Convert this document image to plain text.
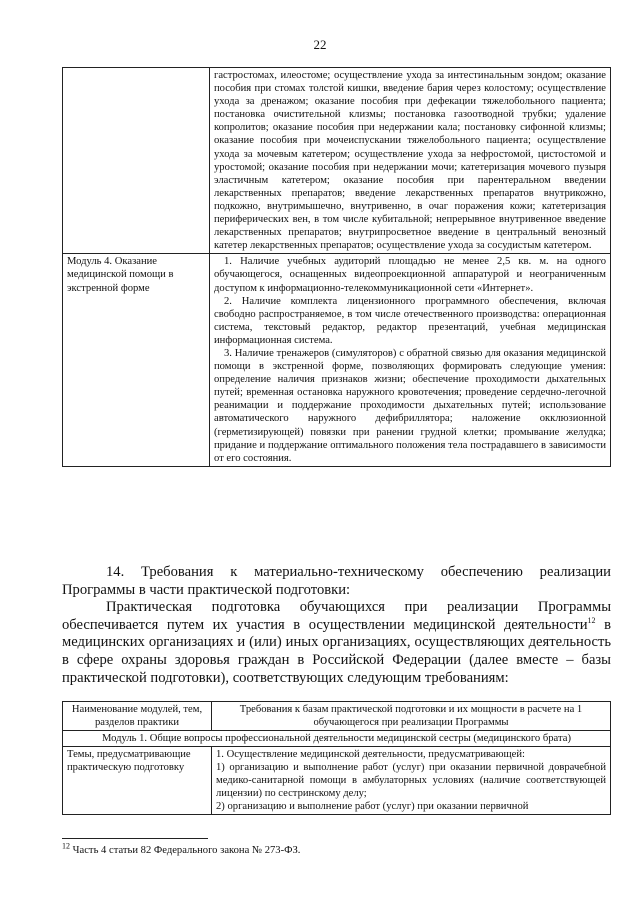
22
	гастростомах, илеостоме; осуществление ухода за интестинальным зондом; оказание пособия при стомах толстой кишки, введение бария через колостому; осуществление ухода за дренажом; оказание пособия при дефекации тяжелобольного пациента; постановка очистительной клизмы; постановка газоотводной трубки; удаление копролитов; оказание пособия при недержании кала; постановку сифонной клизмы; оказание пособия при мочеиспускании тяжелобольного пациента; осуществление ухода за мочевым катетером; осуществление ухода за нефростомой, цистостомой и уростомой; оказание пособия при недержании мочи; катетеризация мочевого пузыря эластичным катетером; оказание пособия при парентеральном введении лекарственных препаратов; введение лекарственных препаратов внутрикожно, подкожно, внутримышечно, внутривенно, в очаг поражения кожи; катетеризация периферических вен, в том числе кубитальной; непрерывное внутривенное введение лекарственных препаратов; внутрипросветное введение в центральный венозный катетер лекарственных препаратов; осуществление ухода за сосудистым катетером.
Модуль 4. Оказание медицинской помощи в экстренной форме	1. Наличие учебных аудиторий площадью не менее 2,5 кв. м. на одного обучающегося, оснащенных видеопроекционной аппаратурой и неограниченным доступом к информационно-телекоммуникационной сети «Интернет».

2. Наличие комплекта лицензионного программного обеспечения, включая свободно распространяемое, в том числе отечественного производства: операционная система, текстовый редактор, редактор презентаций, учебная медицинская информационная система.

3. Наличие тренажеров (симуляторов) с обратной связью для оказания медицинской помощи в экстренной форме, позволяющих формировать следующие умения: определение наличия признаков жизни; обеспечение проходимости дыхательных путей; временная остановка наружного кровотечения; проведение сердечно-легочной реанимации и поддержание проходимости дыхательных путей; использование автоматического наружного дефибриллятора; наложение окклюзионной (герметизирующей) повязки при ранении грудной клетки; промывание желудка; придание и поддержание оптимального положения тела пострадавшего в зависимости от его состояния.

14. Требования к материально-техническому обеспечению реализации Программы в части практической подготовки:

Практическая подготовка обучающихся при реализации Программы обеспечивается путем их участия в осуществлении медицинской деятельности$^{12}$ в медицинских организациях и (или) иных организациях, осуществляющих деятельность в сфере охраны здоровья граждан в Российской Федерации (далее вместе – базы практической подготовки), соответствующих следующим требованиям:

Наименование модулей, тем, разделов практики	Требования к базам практической подготовки и их мощности в расчете на 1 обучающегося при реализации Программы
Модуль 1. Общие вопросы профессиональной деятельности медицинской сестры (медицинского брата)	
Темы, предусматривающие практическую подготовку	1. Осуществление медицинской деятельности, предусматривающей:

1) организацию и выполнение работ (услуг) при оказании первичной доврачебной медико-санитарной помощи в амбулаторных условиях (наличие соответствующей лицензии) по сестринскому делу;

2) организацию и выполнение работ (услуг) при оказании первичной

$^{12}$ Часть 4 статьи 82 Федерального закона № 273-ФЗ.
